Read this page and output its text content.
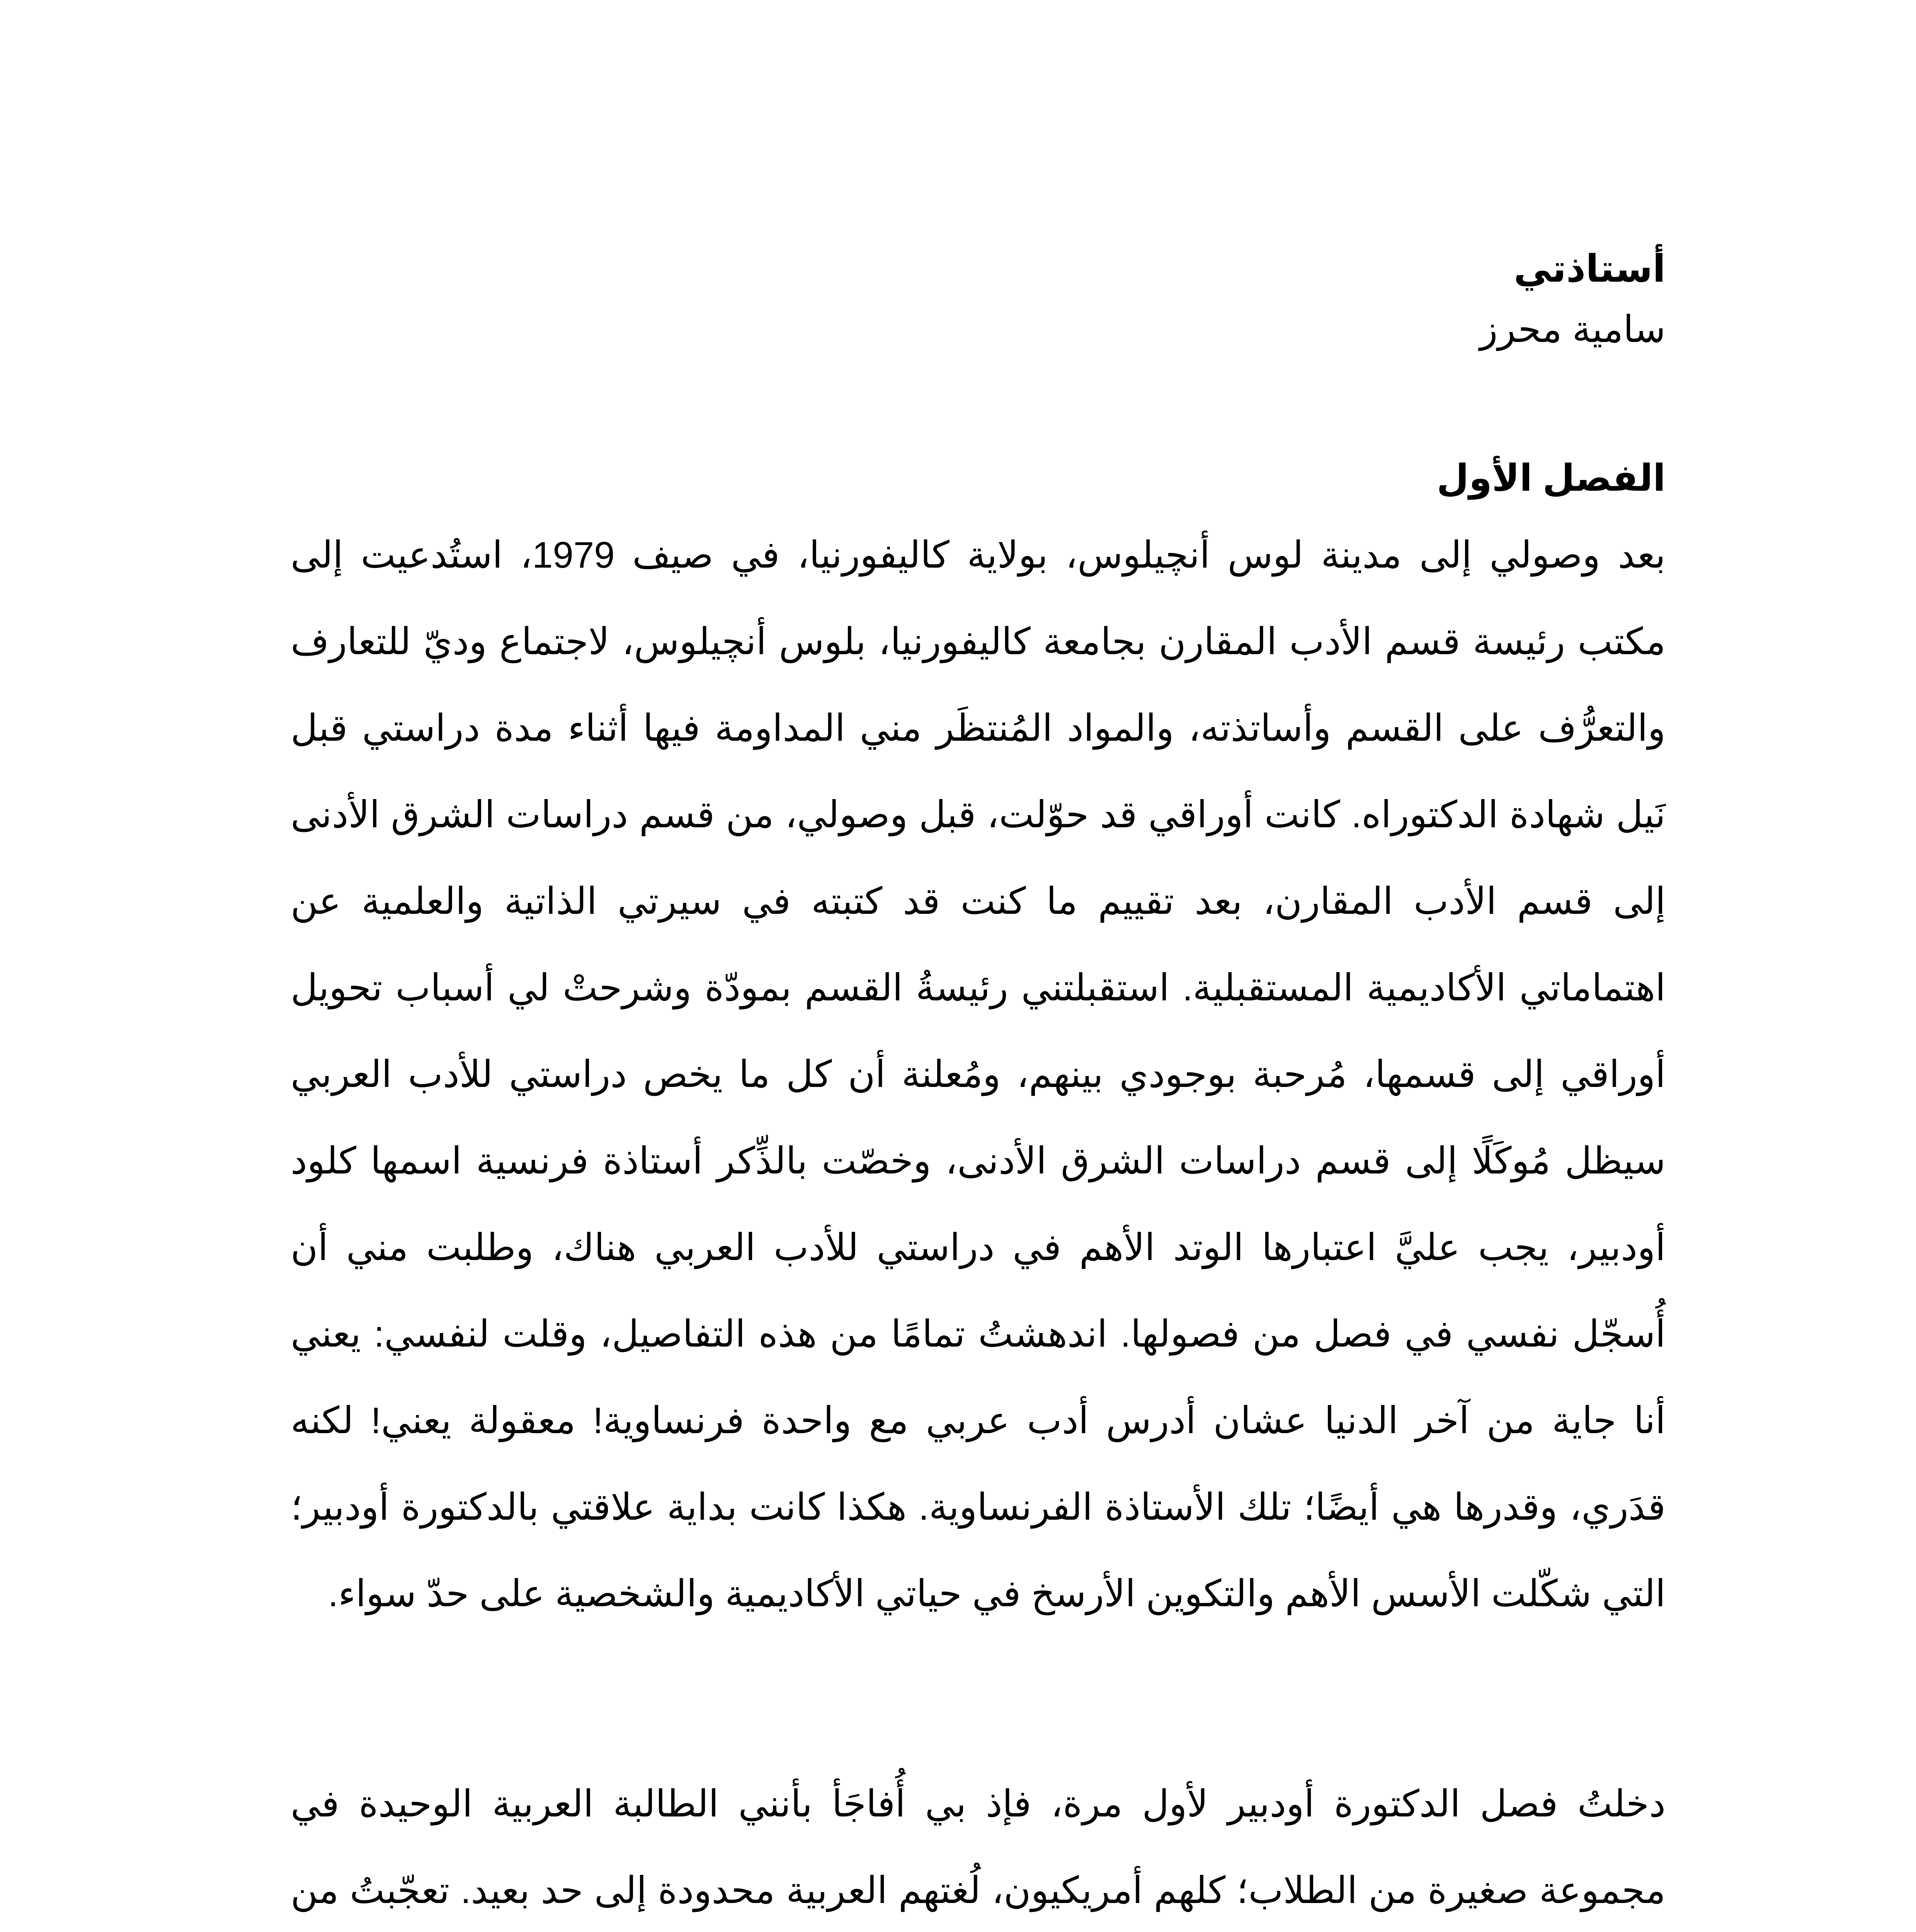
أستاذتي

سامية محرز

الفصل الأول

بعد وصولي إلى مدينة لوس أنچيلوس، بولاية كاليفورنيا، في صيف 1979، استُدعيت إلى مكتب رئيسة قسم الأدب المقارن بجامعة كاليفورنيا، بلوس أنچيلوس، لاجتماع وديّ للتعارف والتعرُّف على القسم وأساتذته، والمواد المُنتظَر مني المداومة فيها أثناء مدة دراستي قبل نَيل شهادة الدكتوراه. كانت أوراقي قد حوّلت، قبل وصولي، من قسم دراسات الشرق الأدنى إلى قسم الأدب المقارن، بعد تقييم ما كنت قد كتبته في سيرتي الذاتية والعلمية عن اهتماماتي الأكاديمية المستقبلية. استقبلتني رئيسةُ القسم بمودّة وشرحتْ لي أسباب تحويل أوراقي إلى قسمها، مُرحبة بوجودي بينهم، ومُعلنة أن كل ما يخص دراستي للأدب العربي سيظل مُوكَلًا إلى قسم دراسات الشرق الأدنى، وخصّت بالذِّكر أستاذة فرنسية اسمها كلود أودبير، يجب عليَّ اعتبارها الوتد الأهم في دراستي للأدب العربي هناك، وطلبت مني أن أُسجّل نفسي في فصل من فصولها. اندهشتُ تمامًا من هذه التفاصيل، وقلت لنفسي: يعني أنا جاية من آخر الدنيا عشان أدرس أدب عربي مع واحدة فرنساوية! معقولة يعني! لكنه قدَري، وقدرها هي أيضًا؛ تلك الأستاذة الفرنساوية. هكذا كانت بداية علاقتي بالدكتورة أودبير؛ التي شكّلت الأسس الأهم والتكوين الأرسخ في حياتي الأكاديمية والشخصية على حدّ سواء.

دخلتُ فصل الدكتورة أودبير لأول مرة، فإذ بي أُفاجَأ بأنني الطالبة العربية الوحيدة في مجموعة صغيرة من الطلاب؛ كلهم أمريكيون، لُغتهم العربية محدودة إلى حد بعيد. تعجّبتُ من
